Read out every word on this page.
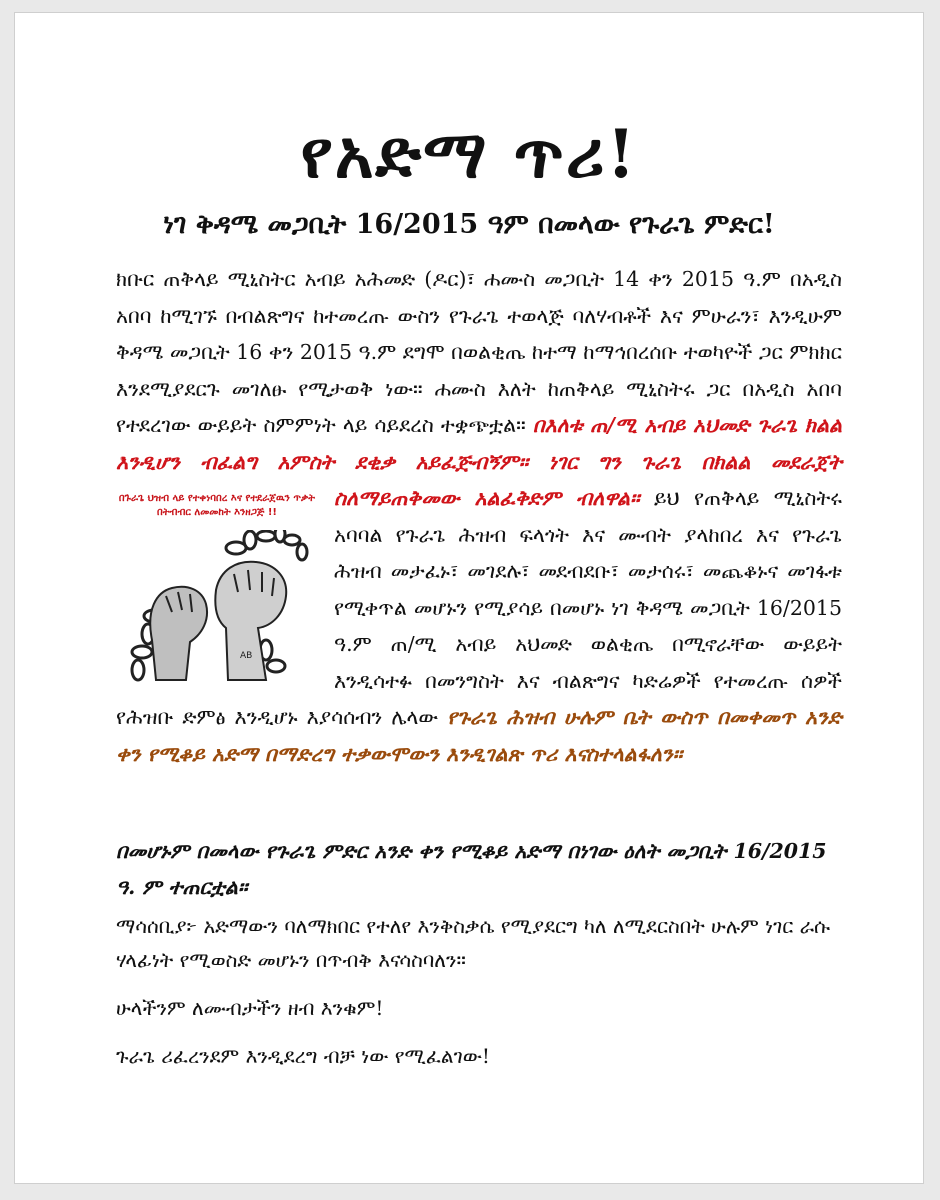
የአድማ ጥሪ!
ነገ ቅዳሜ መጋቢት 16/2015 ዓም በመላው የጉራጌ ምድር!
ክቡር ጠቅላይ ሚኒስትር አብይ አሕመድ (ዶር)፣ ሐሙስ መጋቢት 14 ቀን 2015 ዓ.ም በአዲስ አበባ ከሚገኙ በብልጽግና ከተመረጡ ውስን የጉራጌ ተወላጅ ባለሃብቶች እና ምሁራን፣ እንዲሁም ቅዳሜ መጋቢት 16 ቀን 2015 ዓ.ም ደግሞ በወልቂጤ ከተማ ከማኅበረሰቡ ተወካዮች ጋር ምክክር እንደሚያደርጉ መገለፁ የሚታወቅ ነው። ሐሙስ እለት ከጠቅላይ ሚኒስትሩ ጋር በአዲስ አበባ የተደረገው ውይይት ስምምነት ላይ ሳይደረስ ተቋጭቷል። በእለቱ ጠ/ሚ አብይ አህመድ ጉራጌ ክልል እንዲሆን ብፈልግ አምስት ደቂቃ አይፈጅብኝም። ነገር ግን ጉራጌ በክልል መደራጀት ስለማይጠቅመው አልፈቅድም ብለዋል።
በጉራጌ ህዝብ ላይ የተቀነባበረ እና የተደራጀዉን ጥቃት በትብብር ለመመከት እንዘጋጅ !!
AB
ይህ የጠቅላይ ሚኒስትሩ አባባል የጉራጌ ሕዝብ ፍላጎት እና ሙብት ያላከበረ እና የጉራጌ ሕዝብ መታፈኑ፣ መገደሉ፣ መደብደቡ፣ መታሰሩ፣ መጨቆኑና መገፋቱ የሚቀጥል መሆኑን የሚያሳይ በመሆኑ ነገ ቅዳሜ መጋቢት 16/2015 ዓ.ም ጠ/ሚ አብይ አህመድ ወልቂጤ በሚኖራቸው ውይይት እንዲሳተፉ በመንግስት እና ብልጽግና ካድሬዎች የተመረጡ ሰዎች የሕዝቡ ድምፅ እንዲሆኑ እያሳሰብን ሌላው የጉራጌ ሕዝብ ሁሉም ቤት ውስጥ በመቀመጥ አንድ ቀን የሚቆይ አድማ በማድረግ ተቃውሞውን እንዲገልጽ ጥሪ እናስተላልፋለን።
በመሆኑም በመላው የጉራጌ ምድር አንድ ቀን የሚቆይ አድማ በነገው ዕለት መጋቢት 16/2015 ዓ. ም ተጠርቷል።
ማሳሰቢያ፦ አድማውን ባለማክበር የተለየ እንቅስቃሴ የሚያደርግ ካለ ለሚደርስበት ሁሉም ነገር ራሱ ሃላፊነት የሚወስድ መሆኑን በጥብቅ እናሳስባለን።
ሁላችንም ለሙብታችን ዘብ እንቁም!
ጉራጌ ሪፈረንደም እንዲደረግ ብቻ ነው የሚፈልገው!
